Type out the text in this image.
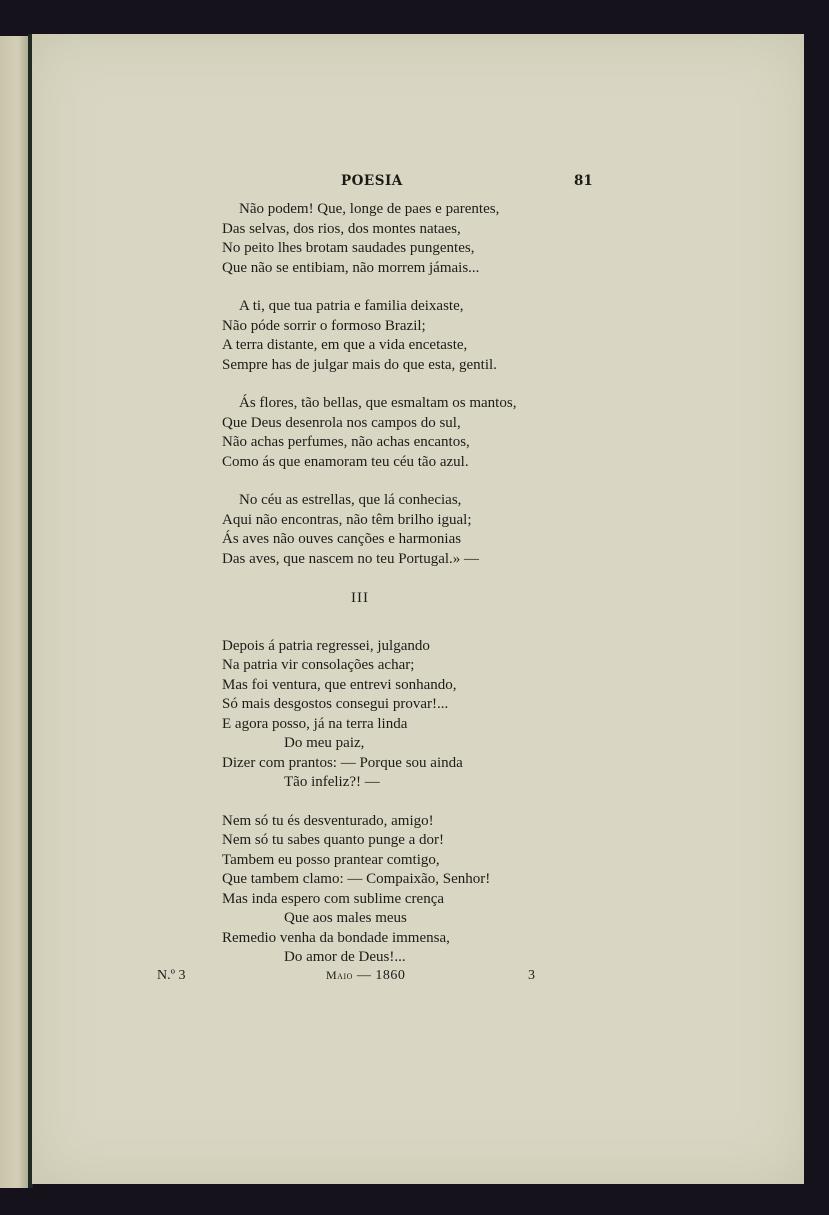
POESIA	81
Não podem! Que, longe de paes e parentes,
Das selvas, dos rios, dos montes nataes,
No peito lhes brotam saudades pungentes,
Que não se entibiam, não morrem jámais...
A ti, que tua patria e familia deixaste,
Não póde sorrir o formoso Brazil;
A terra distante, em que a vida encetaste,
Sempre has de julgar mais do que esta, gentil.
Ás flores, tão bellas, que esmaltam os mantos,
Que Deus desenrola nos campos do sul,
Não achas perfumes, não achas encantos,
Como ás que enamoram teu céu tão azul.
No céu as estrellas, que lá conhecias,
Aqui não encontras, não têm brilho igual;
Ás aves não ouves canções e harmonias
Das aves, que nascem no teu Portugal.» —
III
Depois á patria regressei, julgando
Na patria vir consolações achar;
Mas foi ventura, que entrevi sonhando,
Só mais desgostos consegui provar!...
E agora posso, já na terra linda
Do meu paiz,
Dizer com prantos: — Porque sou ainda
Tão infeliz?! —
Nem só tu és desventurado, amigo!
Nem só tu sabes quanto punge a dor!
Tambem eu posso prantear comtigo,
Que tambem clamo: — Compaixão, Senhor!
Mas inda espero com sublime crença
Que aos males meus
Remedio venha da bondade immensa,
Do amor de Deus!...
N.º 3	Maio — 1860	3
